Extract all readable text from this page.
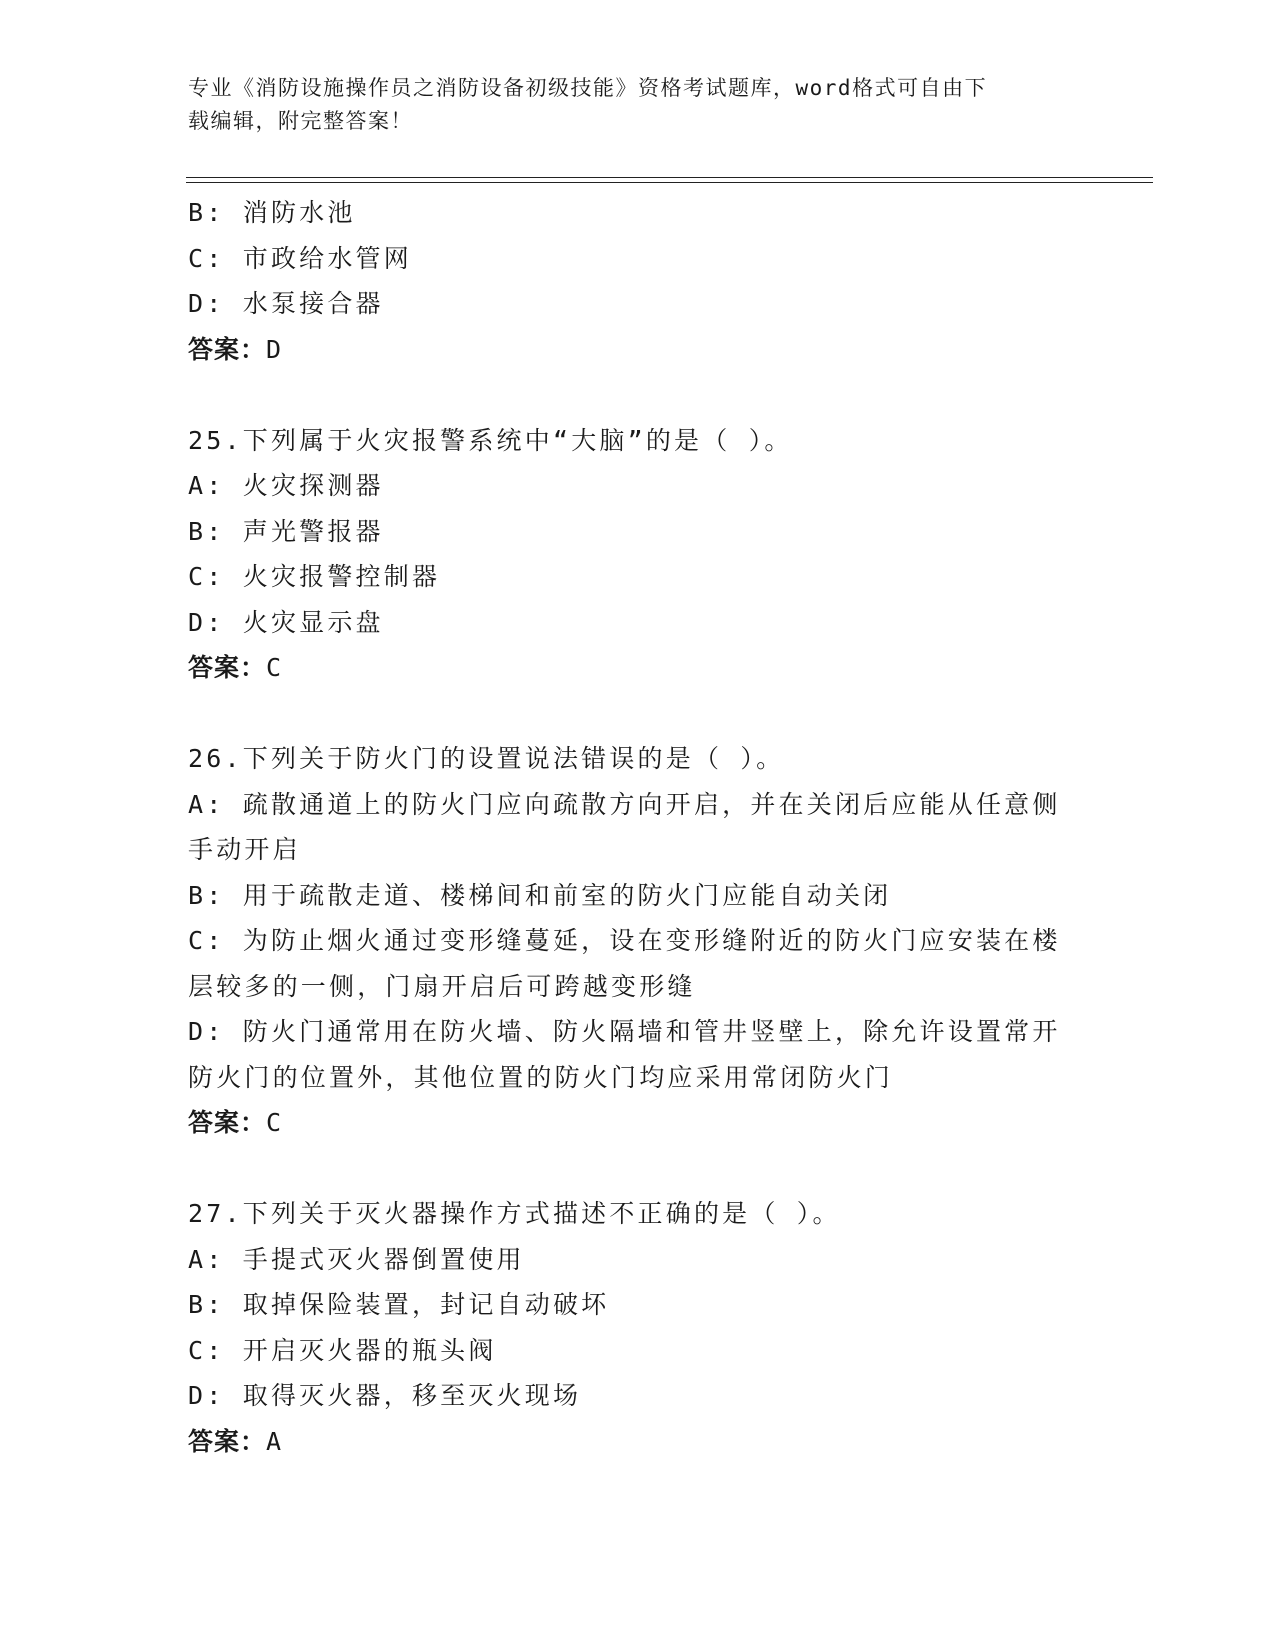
专业《消防设施操作员之消防设备初级技能》资格考试题库，word格式可自由下
载编辑，附完整答案！

B: 消防水池

C: 市政给水管网

D: 水泵接合器

答案：D

25.下列属于火灾报警系统中“大脑”的是（ ）。

A: 火灾探测器

B: 声光警报器

C: 火灾报警控制器

D: 火灾显示盘

答案：C

26.下列关于防火门的设置说法错误的是（ ）。

A: 疏散通道上的防火门应向疏散方向开启，并在关闭后应能从任意侧手动开启

B: 用于疏散走道、楼梯间和前室的防火门应能自动关闭

C: 为防止烟火通过变形缝蔓延，设在变形缝附近的防火门应安装在楼层较多的一侧，门扇开启后可跨越变形缝

D: 防火门通常用在防火墙、防火隔墙和管井竖壁上，除允许设置常开防火门的位置外，其他位置的防火门均应采用常闭防火门

答案：C

27.下列关于灭火器操作方式描述不正确的是（ ）。

A: 手提式灭火器倒置使用

B: 取掉保险装置，封记自动破坏

C: 开启灭火器的瓶头阀

D: 取得灭火器，移至灭火现场

答案：A
